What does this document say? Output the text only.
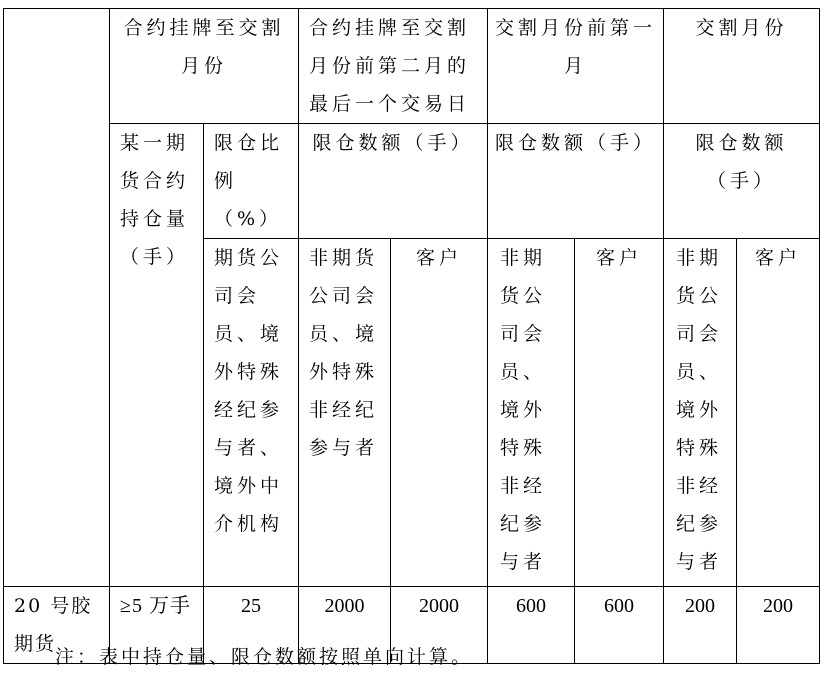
	合约挂牌至交割月份		合约挂牌至交割月份前第二月的最后一个交易日		交割月份前第一月		交割月份	
	某一期货合约持仓量（手）	限仓比例（%）	限仓数额（手）		限仓数额（手）		限仓数额（手）	
		期货公司会员、境外特殊经纪参与者、境外中介机构	非期货公司会员、境外特殊非经纪参与者	客户	非期货公司会员、境外特殊非经纪参与者	客户	非期货公司会员、境外特殊非经纪参与者	客户
20 号胶期货	≥5 万手	25	2000	2000	600	600	200	200
注：表中持仓量、限仓数额按照单向计算。
